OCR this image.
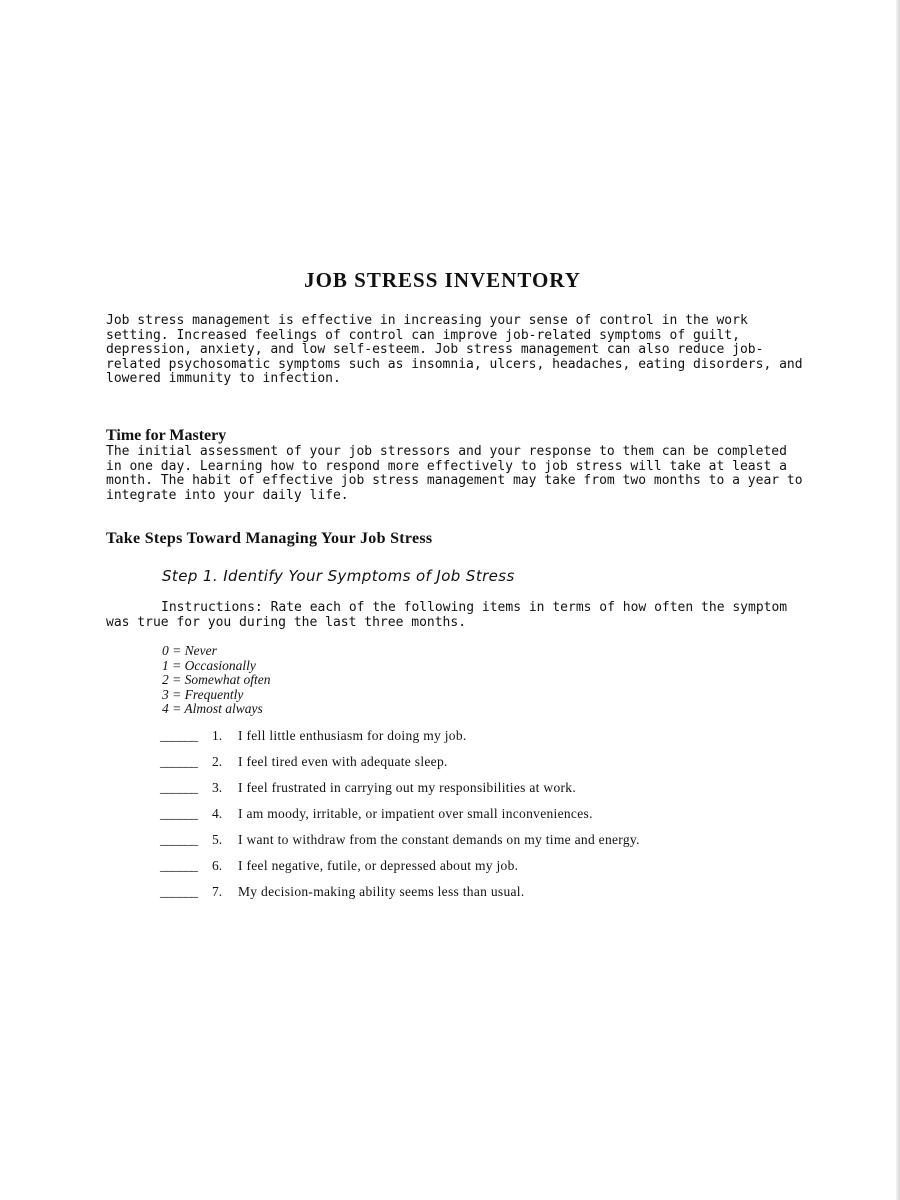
JOB STRESS INVENTORY

Job stress management is effective in increasing your sense of control in the work setting. Increased feelings of control can improve job-related symptoms of guilt, depression, anxiety, and low self-esteem. Job stress management can also reduce job-related psychosomatic symptoms such as insomnia, ulcers, headaches, eating disorders, and lowered immunity to infection.

Time for Mastery

The initial assessment of your job stressors and your response to them can be completed in one day. Learning how to respond more effectively to job stress will take at least a month. The habit of effective job stress management may take from two months to a year to integrate into your daily life.

Take Steps Toward Managing Your Job Stress
Step 1. Identify Your Symptoms of Job Stress

Instructions: Rate each of the following items in terms of how often the symptom was true for you during the last three months.

0 = Never
1 = Occasionally
2 = Somewhat often
3 = Frequently
4 = Almost always
______	1.	I fell little enthusiasm for doing my job.
______	2.	I feel tired even with adequate sleep.
______	3.	I feel frustrated in carrying out my responsibilities at work.
______	4.	I am moody, irritable, or impatient over small inconveniences.
______	5.	I want to withdraw from the constant demands on my time and energy.
______	6.	I feel negative, futile, or depressed about my job.
______	7.	My decision-making ability seems less than usual.
